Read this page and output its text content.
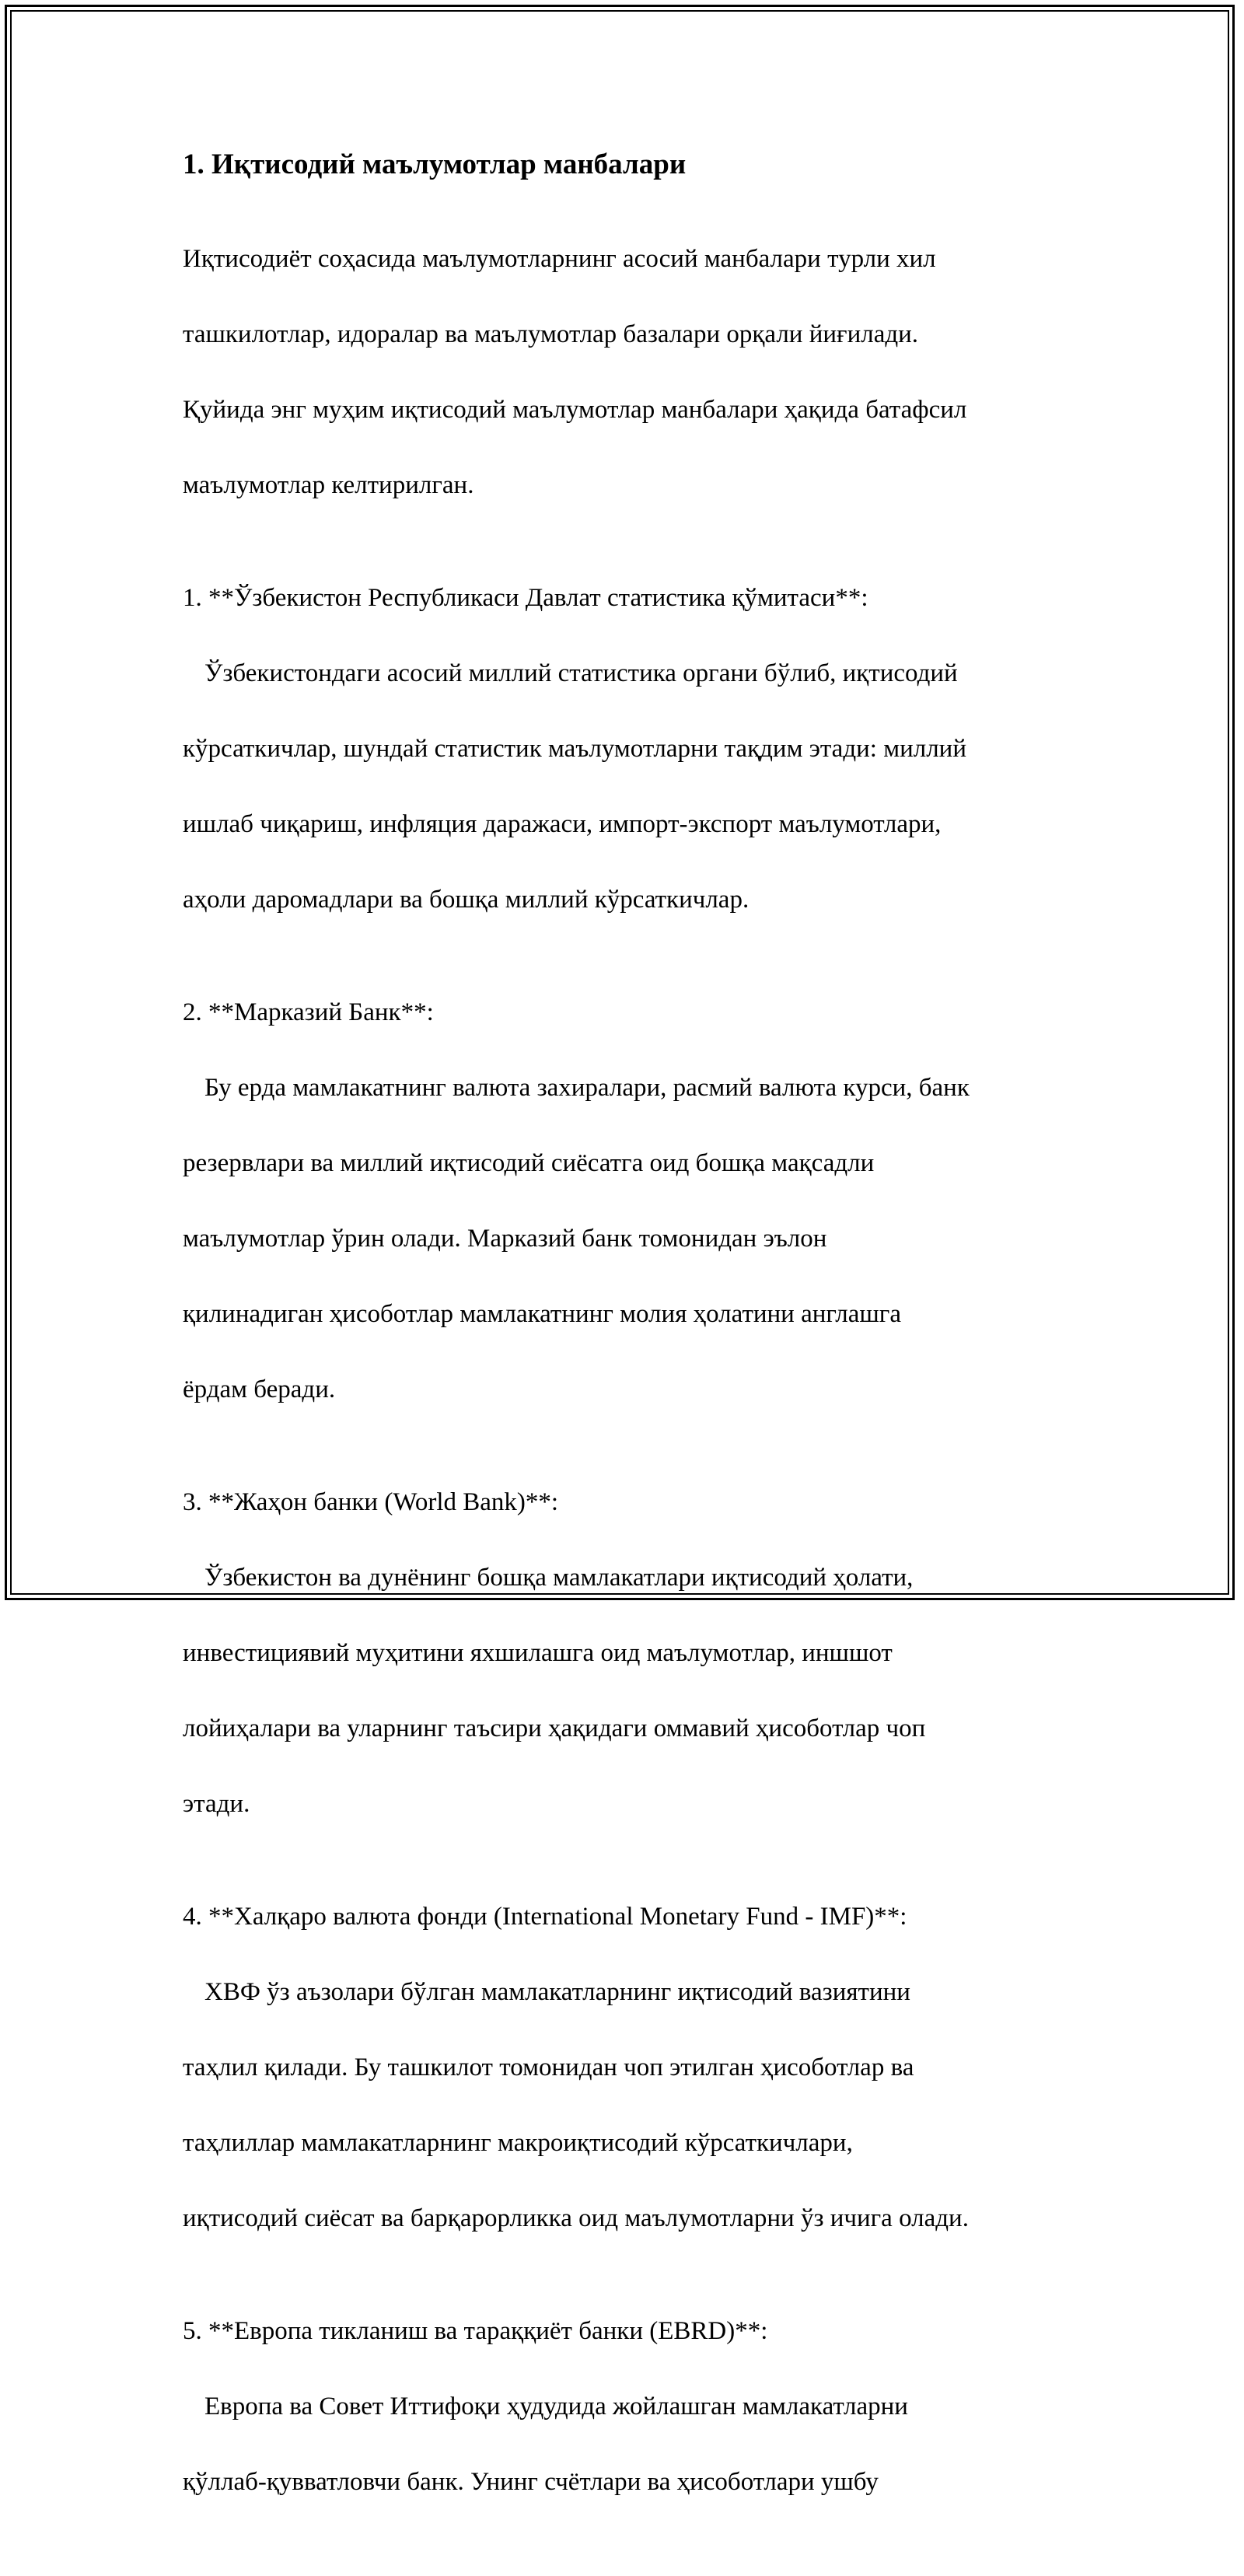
1. Иқтисодий маълумотлар манбалари

Иқтисодиёт соҳасида маълумотларнинг асосий манбалари турли хил

ташкилотлар, идоралар ва маълумотлар базалари орқали йиғилади.

Қуйида энг муҳим иқтисодий маълумотлар манбалари ҳақида батафсил

маълумотлар келтирилган.

1. **Ўзбекистон Республикаси Давлат статистика қўмитаси**:

Ўзбекистондаги асосий миллий статистика органи бўлиб, иқтисодий

кўрсаткичлар, шундай статистик маълумотларни тақдим этади: миллий

ишлаб чиқариш, инфляция даражаси, импорт-экспорт маълумотлари,

аҳоли даромадлари ва бошқа миллий кўрсаткичлар.

2. **Марказий Банк**:

Бу ерда мамлакатнинг валюта захиралари, расмий валюта курси, банк

резервлари ва миллий иқтисодий сиёсатга оид бошқа мақсадли

маълумотлар ўрин олади. Марказий банк томонидан эълон

қилинадиган ҳисоботлар мамлакатнинг молия ҳолатини англашга

ёрдам беради.

3. **Жаҳон банки (World Bank)**:

Ўзбекистон ва дунёнинг бошқа мамлакатлари иқтисодий ҳолати,

инвестициявий муҳитини яхшилашга оид маълумотлар, иншшот

лойиҳалари ва уларнинг таъсири ҳақидаги оммавий ҳисоботлар чоп

этади.

4. **Халқаро валюта фонди (International Monetary Fund - IMF)**:

ХВФ ўз аъзолари бўлган мамлакатларнинг иқтисодий вазиятини

таҳлил қилади. Бу ташкилот томонидан чоп этилган ҳисоботлар ва

таҳлиллар мамлакатларнинг макроиқтисодий кўрсаткичлари,

иқтисодий сиёсат ва барқарорликка оид маълумотларни ўз ичига олади.

5. **Европа тикланиш ва тараққиёт банки (EBRD)**:

Европа ва Совет Иттифоқи ҳудудида жойлашган мамлакатларни

қўллаб-қувватловчи банк. Унинг счётлари ва ҳисоботлари ушбу
